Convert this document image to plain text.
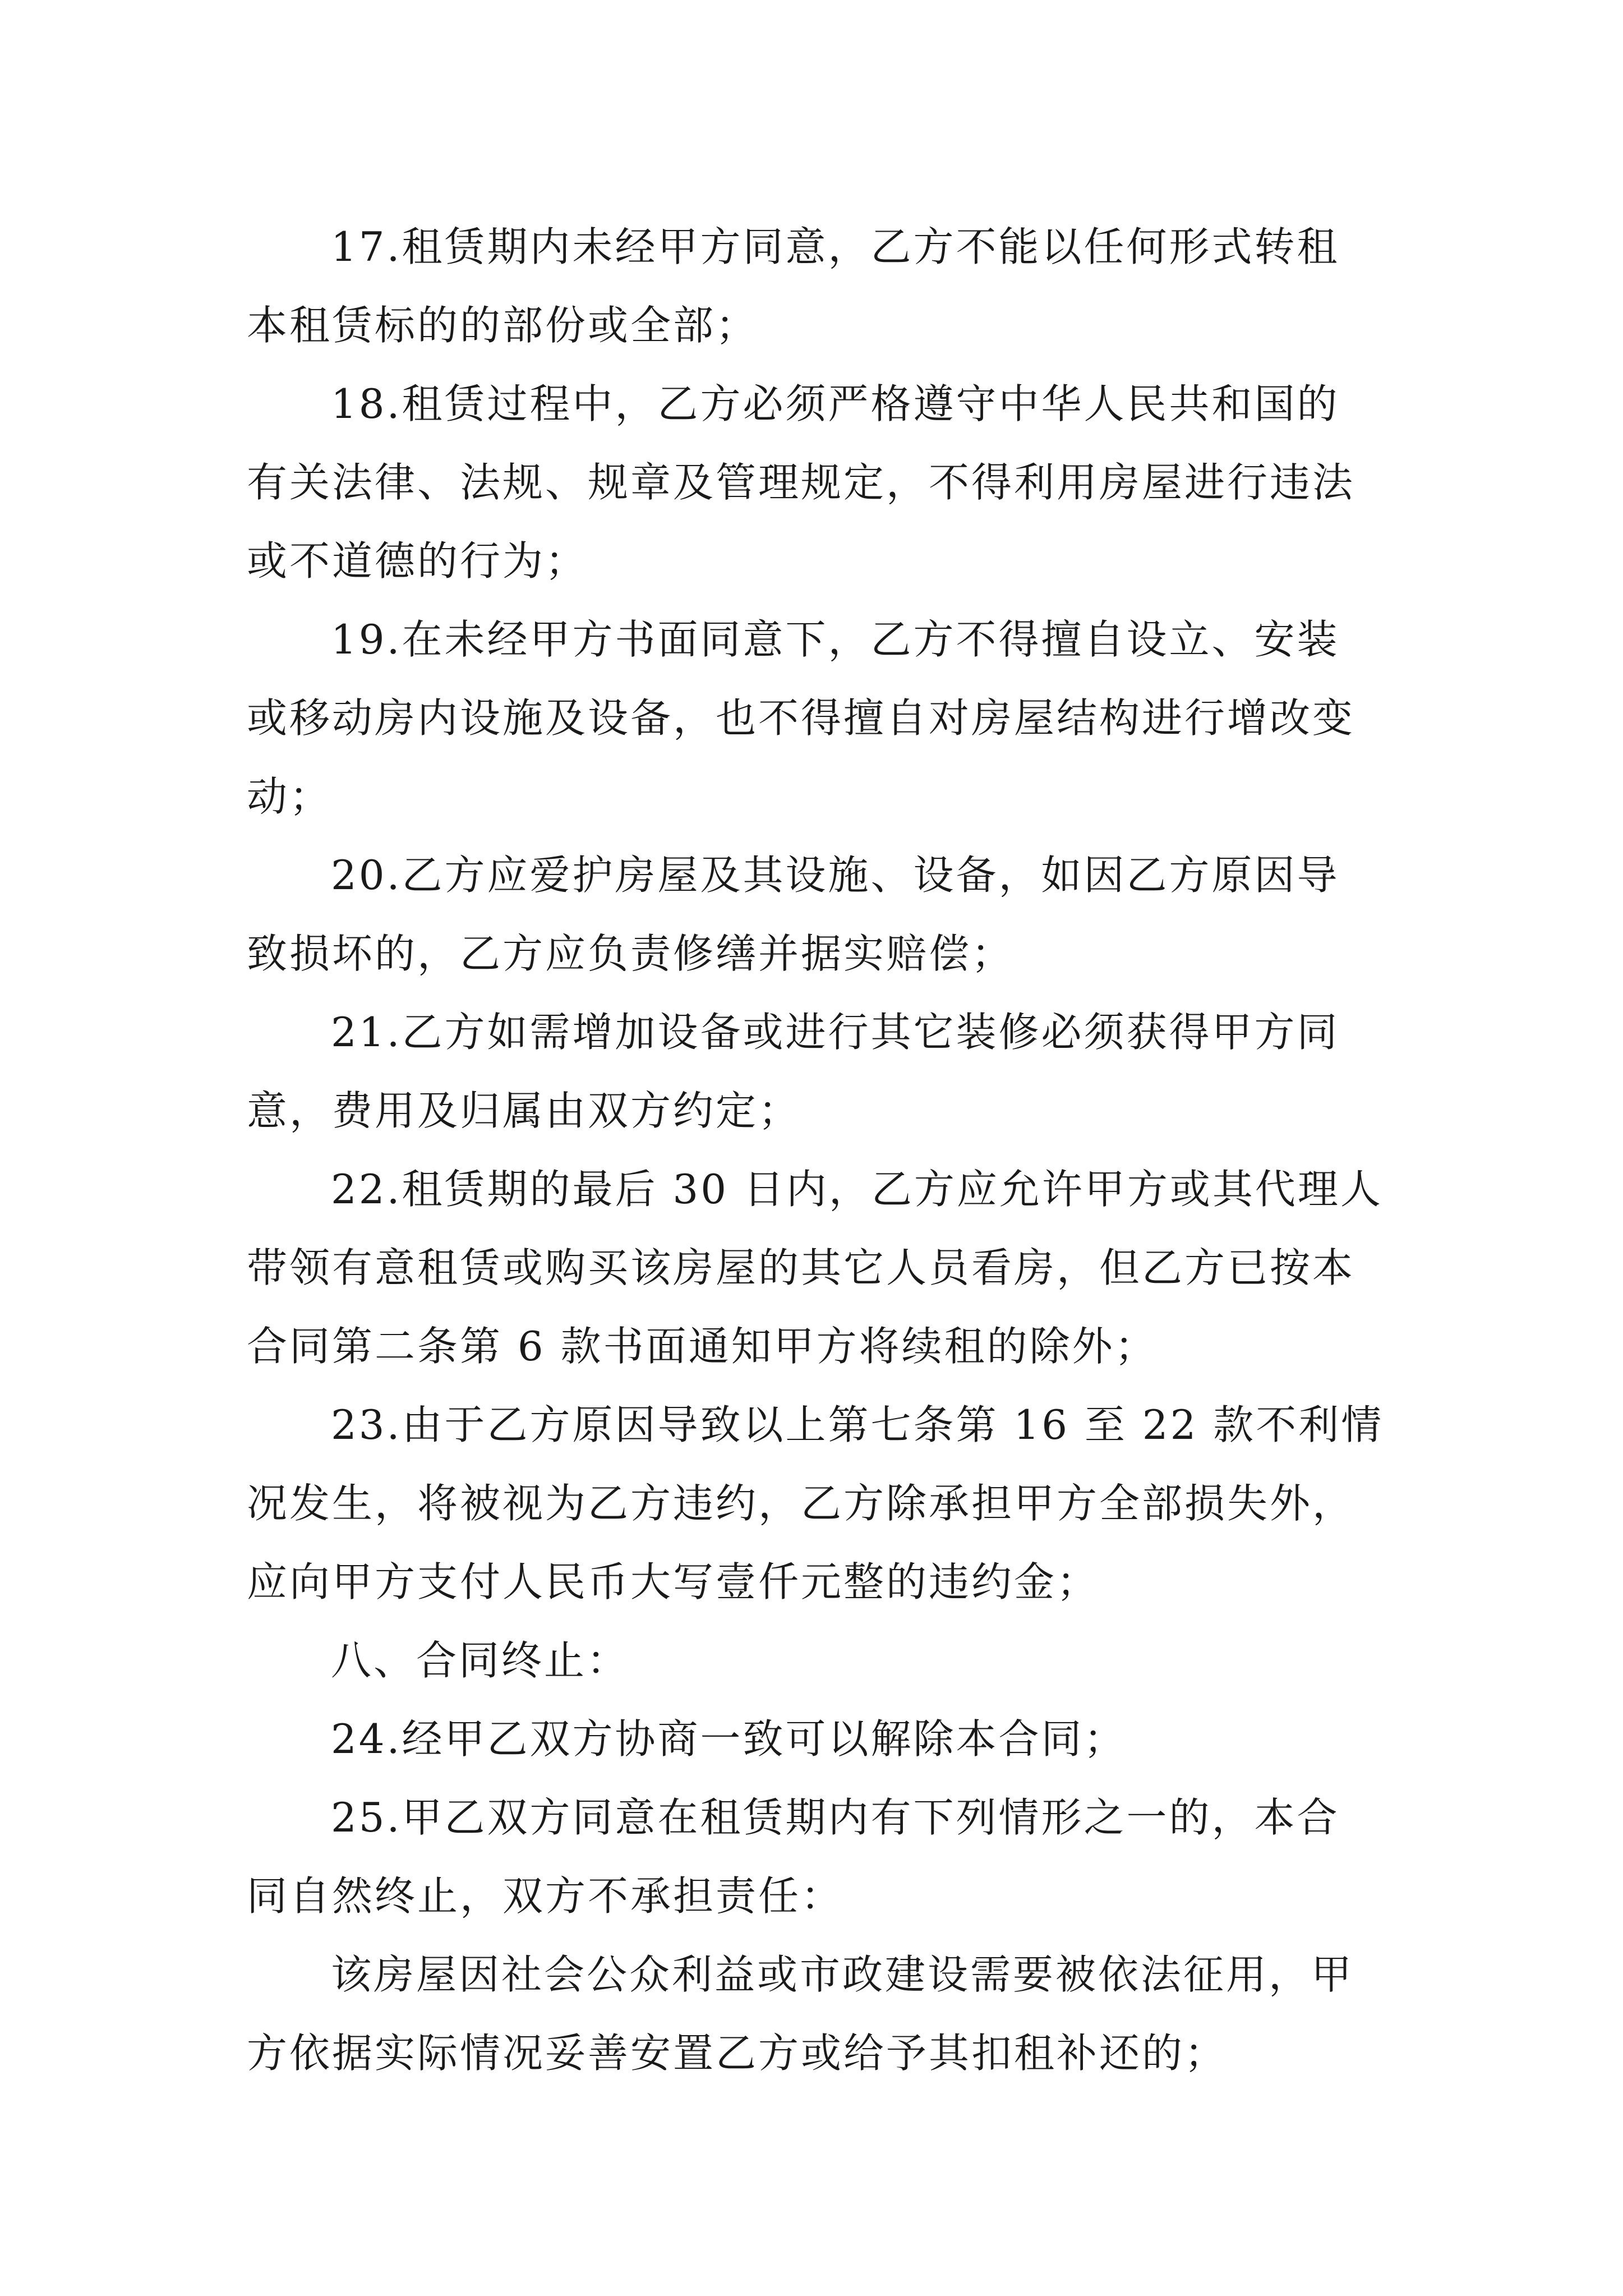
17.租赁期内未经甲方同意，乙方不能以任何形式转租
本租赁标的的部份或全部；
18.租赁过程中，乙方必须严格遵守中华人民共和国的
有关法律、法规、规章及管理规定，不得利用房屋进行违法
或不道德的行为；
19.在未经甲方书面同意下，乙方不得擅自设立、安装
或移动房内设施及设备，也不得擅自对房屋结构进行增改变
动；
20.乙方应爱护房屋及其设施、设备，如因乙方原因导
致损坏的，乙方应负责修缮并据实赔偿；
21.乙方如需增加设备或进行其它装修必须获得甲方同
意，费用及归属由双方约定；
22.租赁期的最后 30 日内，乙方应允许甲方或其代理人
带领有意租赁或购买该房屋的其它人员看房，但乙方已按本
合同第二条第 6 款书面通知甲方将续租的除外；
23.由于乙方原因导致以上第七条第 16 至 22 款不利情
况发生，将被视为乙方违约，乙方除承担甲方全部损失外，
应向甲方支付人民币大写壹仟元整的违约金；
八、合同终止：
24.经甲乙双方协商一致可以解除本合同；
25.甲乙双方同意在租赁期内有下列情形之一的，本合
同自然终止，双方不承担责任：
该房屋因社会公众利益或市政建设需要被依法征用，甲
方依据实际情况妥善安置乙方或给予其扣租补还的；
